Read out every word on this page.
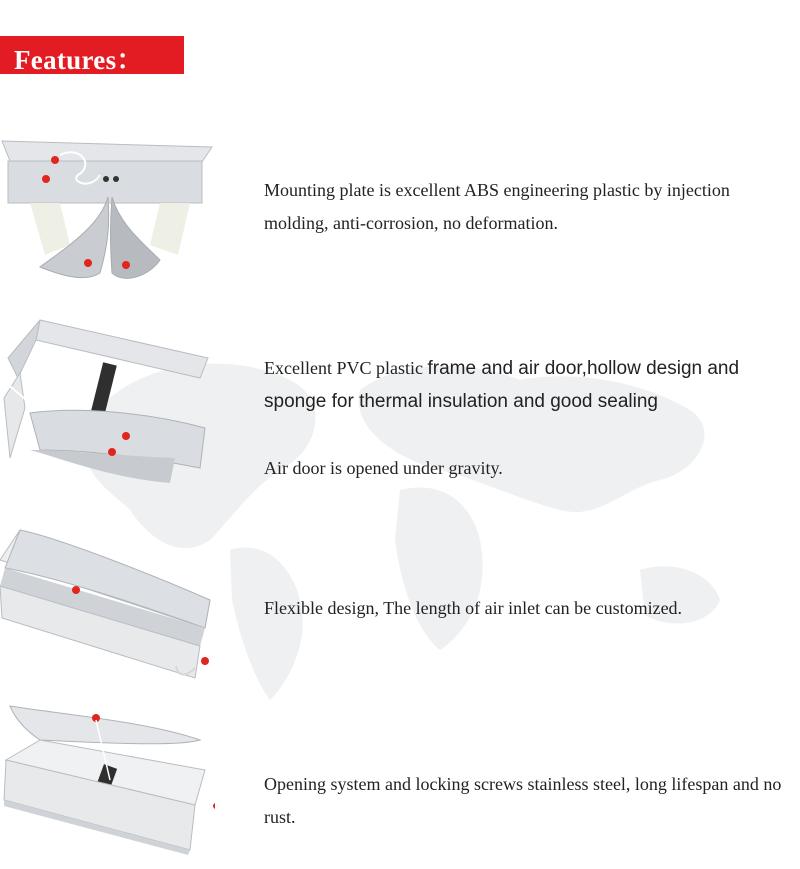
Features：

Mounting plate is excellent ABS engineering plastic by injection molding, anti-corrosion, no deformation.

Excellent PVC plastic frame and air door,hollow design and sponge for thermal insulation and good sealing

Air door is opened under gravity.

Flexible design, The length of air inlet can be customized.

Opening system and locking screws stainless steel, long lifespan and no rust.
